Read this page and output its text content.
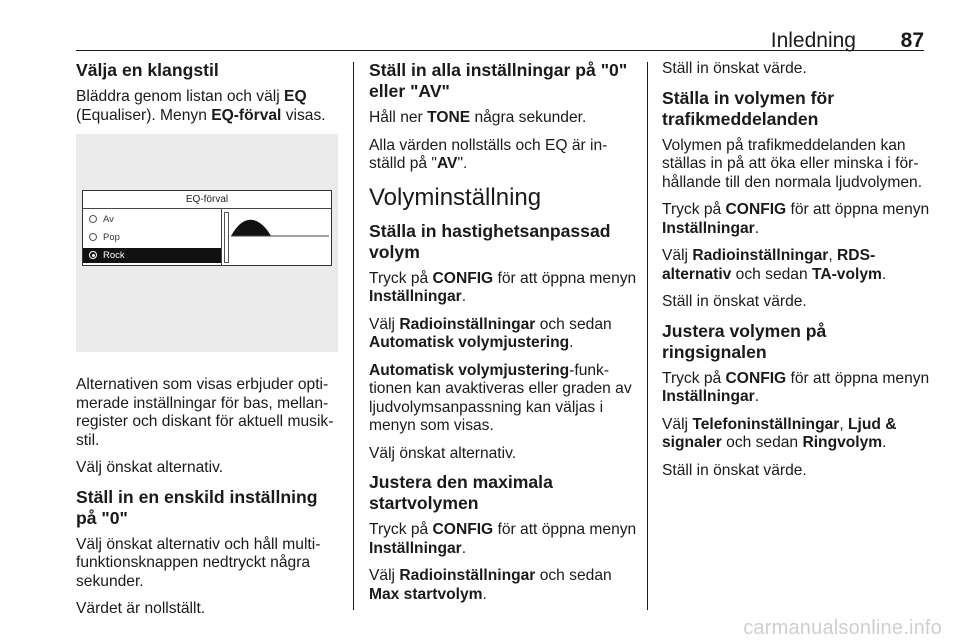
Inledning 87
Välja en klangstil

Bläddra genom listan och välj EQ (Equaliser). Menyn EQ-förval visas.

EQ-förval
Av
Pop
Rock

Alternativen som visas erbjuder optimerade inställningar för bas, mellanregister och diskant för aktuell musikstil.

Välj önskat alternativ.

Ställ in en enskild inställning på "0"

Välj önskat alternativ och håll multifunktionsknappen nedtryckt några sekunder.

Värdet är nollställt.

Ställ in alla inställningar på "0" eller "AV"

Håll ner TONE några sekunder.

Alla värden nollställs och EQ är inställd på "AV".

Volyminställning
Ställa in hastighetsanpassad volym

Tryck på CONFIG för att öppna menyn Inställningar.

Välj Radioinställningar och sedan Automatisk volymjustering.

Automatisk volymjustering-funktionen kan avaktiveras eller graden av ljudvolymsanpassning kan väljas i menyn som visas.

Välj önskat alternativ.

Justera den maximala startvolymen

Tryck på CONFIG för att öppna menyn Inställningar.

Välj Radioinställningar och sedan Max startvolym.

Ställ in önskat värde.

Ställa in volymen för trafikmeddelanden

Volymen på trafikmeddelanden kan ställas in på att öka eller minska i förhållande till den normala ljudvolymen.

Tryck på CONFIG för att öppna menyn Inställningar.

Välj Radioinställningar, RDS-alternativ och sedan TA-volym.

Ställ in önskat värde.

Justera volymen på ringsignalen

Tryck på CONFIG för att öppna menyn Inställningar.

Välj Telefoninställningar, Ljud & signaler och sedan Ringvolym.

Ställ in önskat värde.

carmanualsonline.info
